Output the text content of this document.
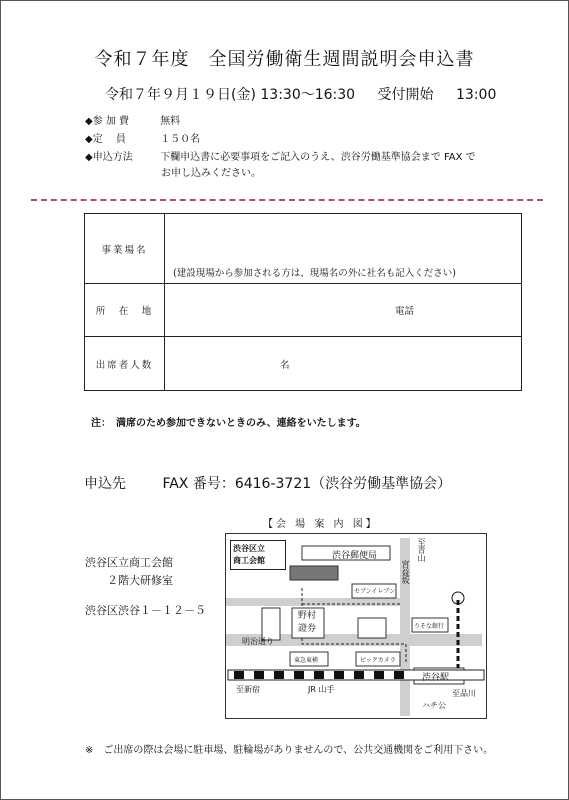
令和７年度　全国労働衛生週間説明会申込書
令和７年９月１９日(金) 13:30～16:30 受付開始 13:00
◆参 加 費	無料
◆定　 員	１５０名
◆申込方法	下欄申込書に必要事項をご記入のうえ、渋谷労働基準協会まで FAX で
お申し込みください。
事業場名	(建設現場から参加される方は、現場名の外に社名も記入ください)
所　在　地	電話
出席者人数	名
注：　満席のため参加できないときのみ、連絡をいたします。
申込先	FAX 番号：6416-3721（渋谷労働基準協会）
渋谷区立商工会館
２階大研修室
渋谷区渋谷１－１２－５
【会 場 案 内 図】
渋谷区立
商工会館	渋谷郵便局	至青山
宮益坂
セブンイレブン
野村
證券
明治通り
りそな銀行
東急東横	ビックカメラ
渋谷駅
至新宿	JR 山手	至品川
ハチ公
※　ご出席の際は会場に駐車場、駐輪場がありませんので、公共交通機関をご利用下さい。
